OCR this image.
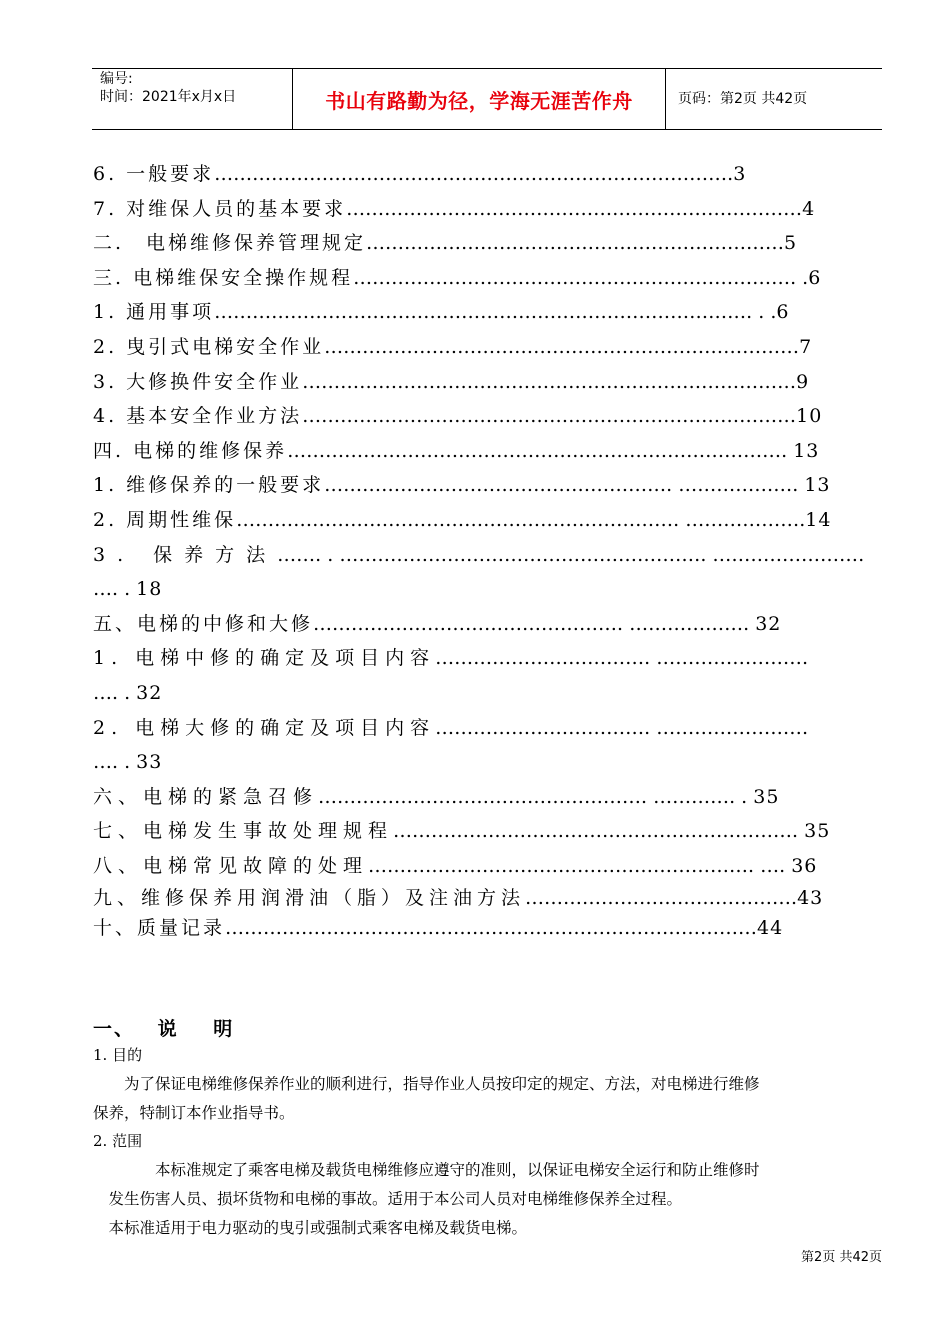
编号:
时间：2021年x月x日	书山有路勤为径，学海无涯苦作舟	页码：第2页 共42页
6. 一般要求……………………………………………………………………….3
7. 对维保人员的基本要求………………………………………………………………4
二.　电梯维修保养管理规定…………………………………………………………5
三. 电梯维保安全操作规程……………………………………………………………. .6
1. 通用事项…………………………………………………………………………. . .6
2. 曳引式电梯安全作业…………………………………………………………………7
3. 大修换件安全作业……………………………………………………………………9
4. 基本安全作业方法……………………………………………………………………10
四. 电梯的维修保养……………………………………………………………………. 13
1. 维修保养的一般要求………………………………………………. ………………. 13
2. 周期性维保……………………………………………………………. ……………….14
3. 保养方法……. . …………………………………………………. ……………………
…. . 18
五、电梯的中修和大修…………………………………………. ………………. 32
1. 电梯中修的确定及项目内容……………………………. ……………………
…. . 32
2. 电梯大修的确定及项目内容……………………………. ……………………
…. . 33
六、电梯的紧急召修……………………………………………. …………. . 35
七、电梯发生事故处理规程………………………………………………………. 35
八、电梯常见故障的处理……………………………………………………. …. 36
九、维修保养用润滑油（脂）及注油方法…………………………………….43
十、质量记录…………………………………………………………………………44
一、 说 明
1. 目的
　　为了保证电梯维修保养作业的顺利进行，指导作业人员按印定的规定、方法，对电梯进行维修
保养，特制订本作业指导书。
2. 范围
　　　　本标准规定了乘客电梯及载货电梯维修应遵守的准则，以保证电梯安全运行和防止维修时
　发生伤害人员、损坏货物和电梯的事故。适用于本公司人员对电梯维修保养全过程。
　本标准适用于电力驱动的曳引或强制式乘客电梯及载货电梯。
第2页 共42页
